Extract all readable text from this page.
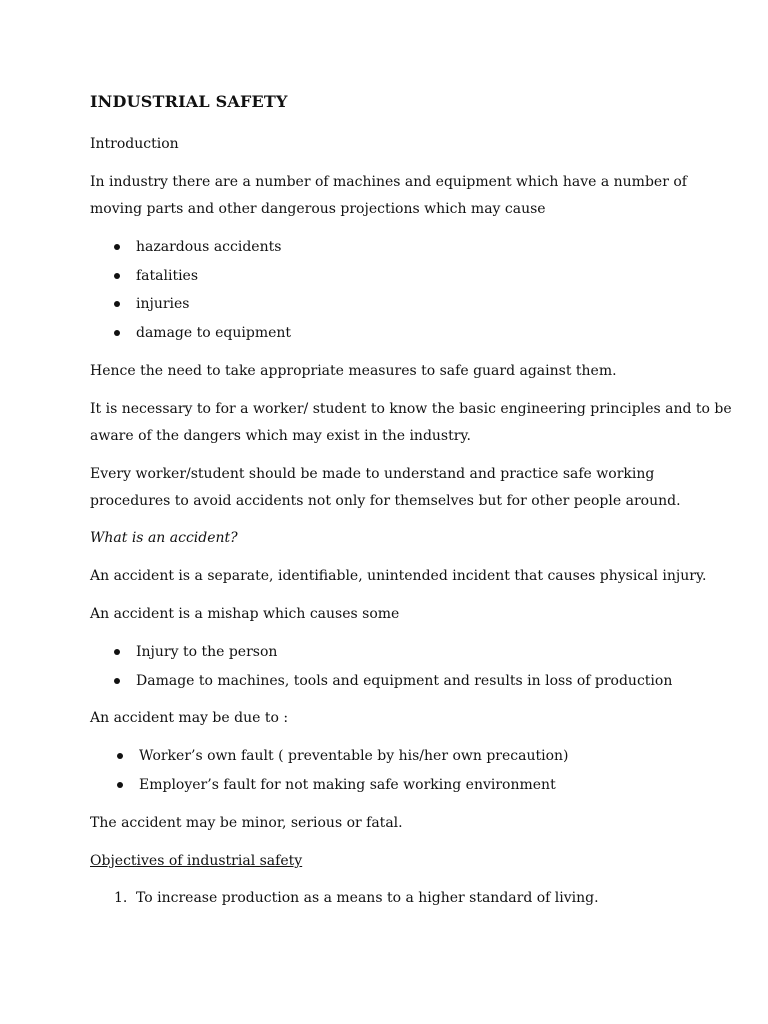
INDUSTRIAL SAFETY
Introduction
In industry there are a number of machines and equipment which have a number of
moving parts and other dangerous projections which may cause
hazardous accidents
fatalities
injuries
damage to equipment
Hence the need to take appropriate measures to safe guard against them.
It is necessary to for a worker/ student to know the basic engineering principles and to be
aware of the dangers which may exist in the industry.
Every worker/student should be made to understand and practice safe working
procedures to avoid accidents not only for themselves but for other people around.
What is an accident?
An accident is a separate, identifiable, unintended incident that causes physical injury.
An accident is a mishap which causes some
Injury to the person
Damage to machines, tools and equipment and results in loss of production
An accident may be due to :
Worker’s own fault ( preventable by his/her own precaution)
Employer’s fault for not making safe working environment
The accident may be minor, serious or fatal.
Objectives of industrial safety
1. To increase production as a means to a higher standard of living.
